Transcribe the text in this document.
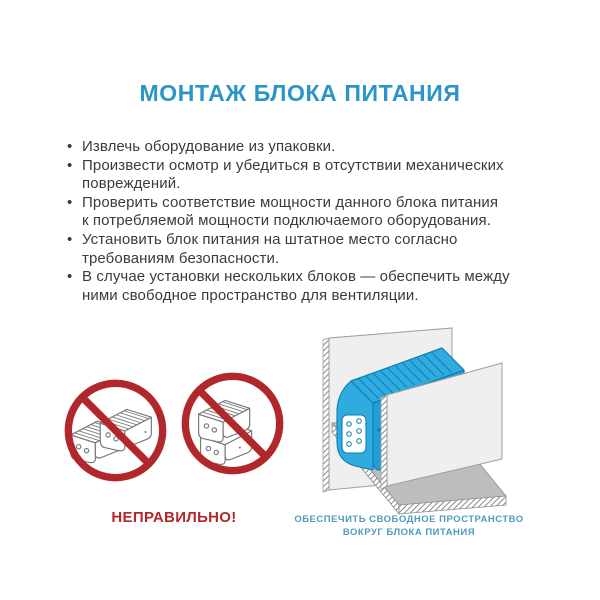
МОНТАЖ БЛОКА ПИТАНИЯ
• Извлечь оборудование из упаковки.
• Произвести осмотр и убедиться в отсутствии механических
повреждений.
• Проверить соответствие мощности данного блока питания
к потребляемой мощности подключаемого оборудования.
• Установить блок питания на штатное место согласно
требованиям безопасности.
• В случае установки нескольких блоков — обеспечить между
ними свободное пространство для вентиляции.
НЕПРАВИЛЬНО!	ОБЕСПЕЧИТЬ СВОБОДНОЕ ПРОСТРАНСТВО
ВОКРУГ БЛОКА ПИТАНИЯ
